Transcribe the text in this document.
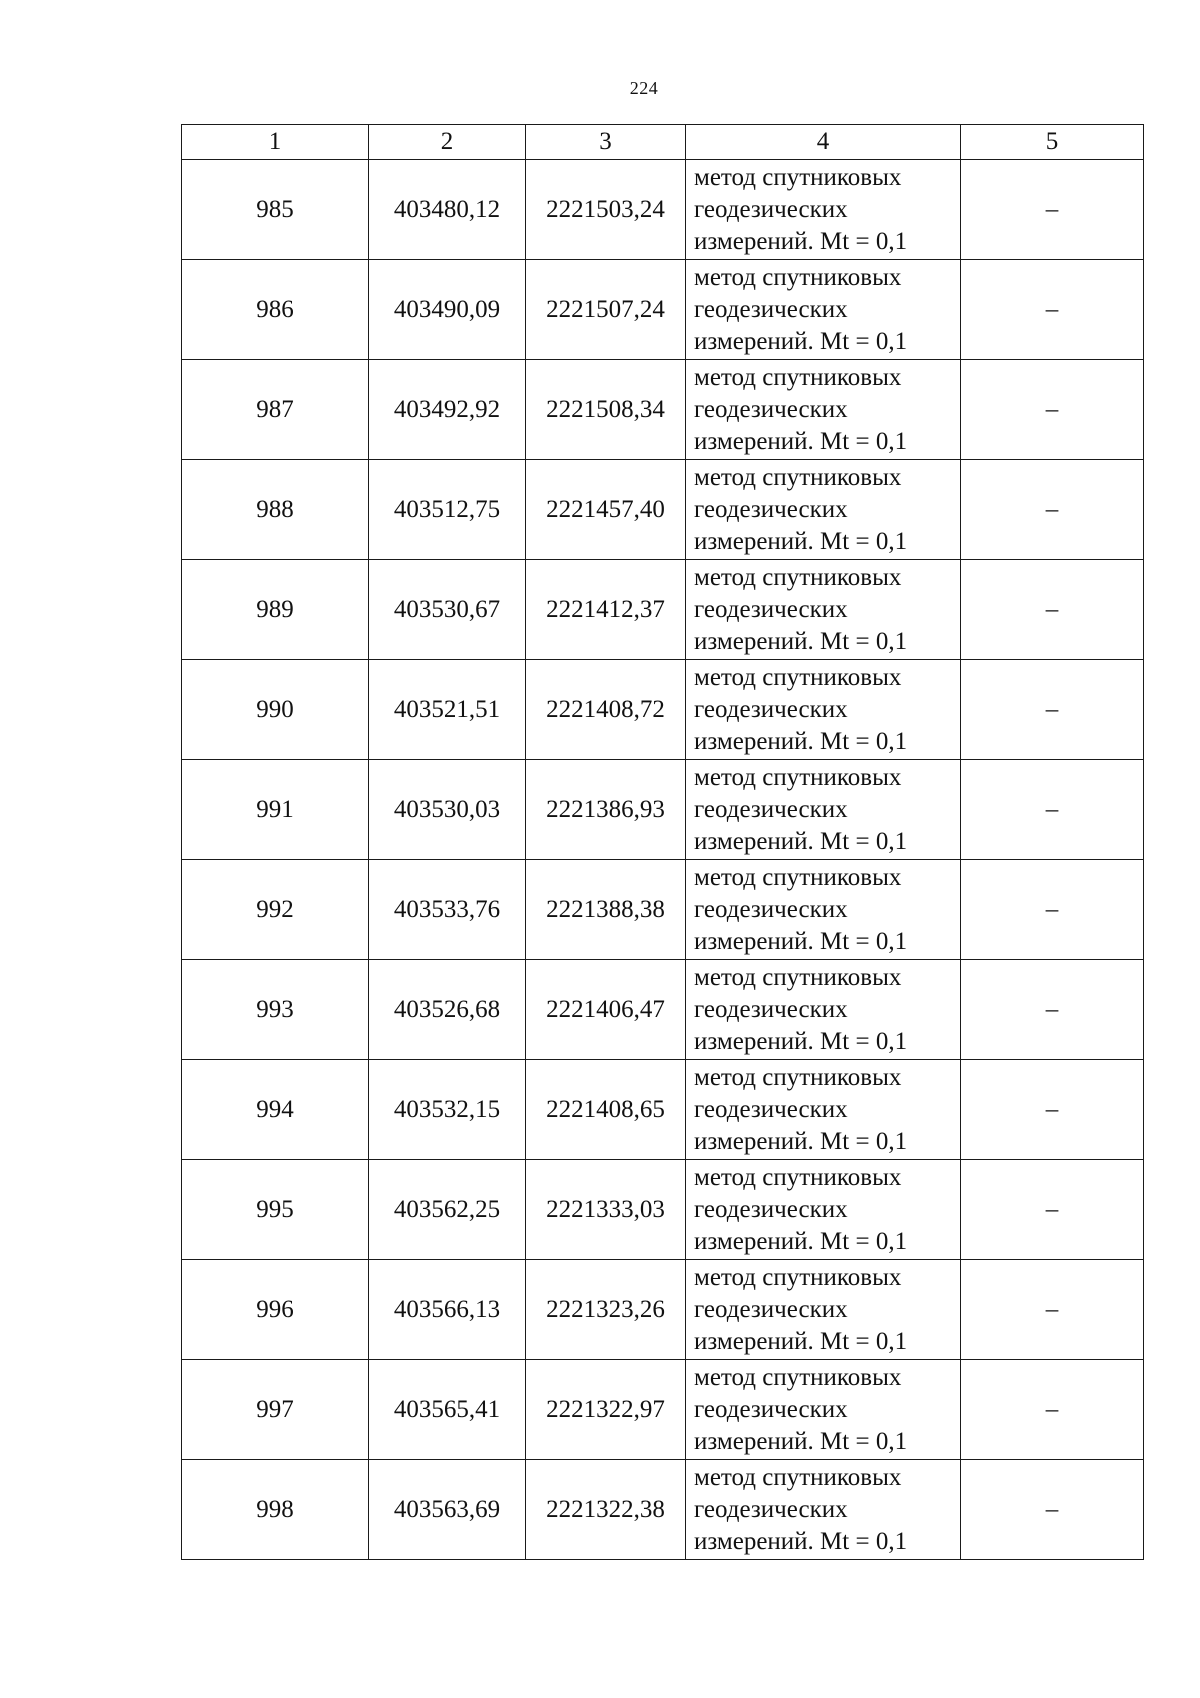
224
1	2	3	4	5
985	403480,12	2221503,24	метод спутниковых
геодезических
измерений. Mt = 0,1	–
986	403490,09	2221507,24	метод спутниковых
геодезических
измерений. Mt = 0,1	–
987	403492,92	2221508,34	метод спутниковых
геодезических
измерений. Mt = 0,1	–
988	403512,75	2221457,40	метод спутниковых
геодезических
измерений. Mt = 0,1	–
989	403530,67	2221412,37	метод спутниковых
геодезических
измерений. Mt = 0,1	–
990	403521,51	2221408,72	метод спутниковых
геодезических
измерений. Mt = 0,1	–
991	403530,03	2221386,93	метод спутниковых
геодезических
измерений. Mt = 0,1	–
992	403533,76	2221388,38	метод спутниковых
геодезических
измерений. Mt = 0,1	–
993	403526,68	2221406,47	метод спутниковых
геодезических
измерений. Mt = 0,1	–
994	403532,15	2221408,65	метод спутниковых
геодезических
измерений. Mt = 0,1	–
995	403562,25	2221333,03	метод спутниковых
геодезических
измерений. Mt = 0,1	–
996	403566,13	2221323,26	метод спутниковых
геодезических
измерений. Mt = 0,1	–
997	403565,41	2221322,97	метод спутниковых
геодезических
измерений. Mt = 0,1	–
998	403563,69	2221322,38	метод спутниковых
геодезических
измерений. Mt = 0,1	–
